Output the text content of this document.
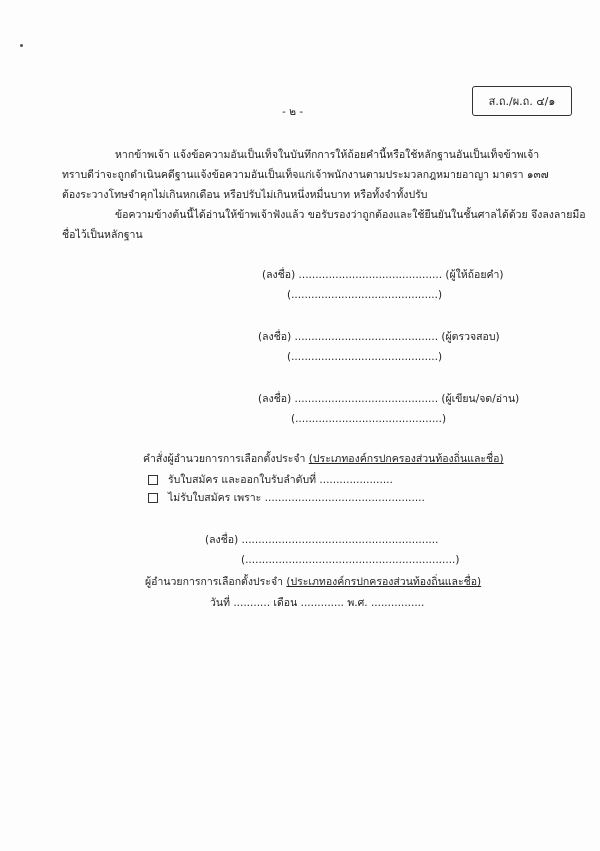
ส.ถ./ผ.ถ. ๔/๑
- ๒ -
หากข้าพเจ้า แจ้งข้อความอันเป็นเท็จในบันทึกการให้ถ้อยคำนี้หรือใช้หลักฐานอันเป็นเท็จข้าพเจ้า
ทราบดีว่าจะถูกดำเนินคดีฐานแจ้งข้อความอันเป็นเท็จแก่เจ้าพนักงานตามประมวลกฎหมายอาญา มาตรา ๑๓๗
ต้องระวางโทษจำคุกไม่เกินหกเดือน หรือปรับไม่เกินหนึ่งหมื่นบาท หรือทั้งจำทั้งปรับ
ข้อความข้างต้นนี้ได้อ่านให้ข้าพเจ้าฟังแล้ว ขอรับรองว่าถูกต้องและใช้ยืนยันในชั้นศาลได้ด้วย จึงลงลายมือ
ชื่อไว้เป็นหลักฐาน
(ลงชื่อ) ........................................... (ผู้ให้ถ้อยคำ)
(............................................)
(ลงชื่อ) ........................................... (ผู้ตรวจสอบ)
(............................................)
(ลงชื่อ) ........................................... (ผู้เขียน/จด/อ่าน)
(............................................)
คำสั่งผู้อำนวยการการเลือกตั้งประจำ (ประเภทองค์กรปกครองส่วนท้องถิ่นและชื่อ)
รับใบสมัคร และออกใบรับลำดับที่ ......................
ไม่รับใบสมัคร เพราะ ................................................
(ลงชื่อ) ...........................................................
(...............................................................)
ผู้อำนวยการการเลือกตั้งประจำ (ประเภทองค์กรปกครองส่วนท้องถิ่นและชื่อ)
วันที่ ........... เดือน ............. พ.ศ. ................
